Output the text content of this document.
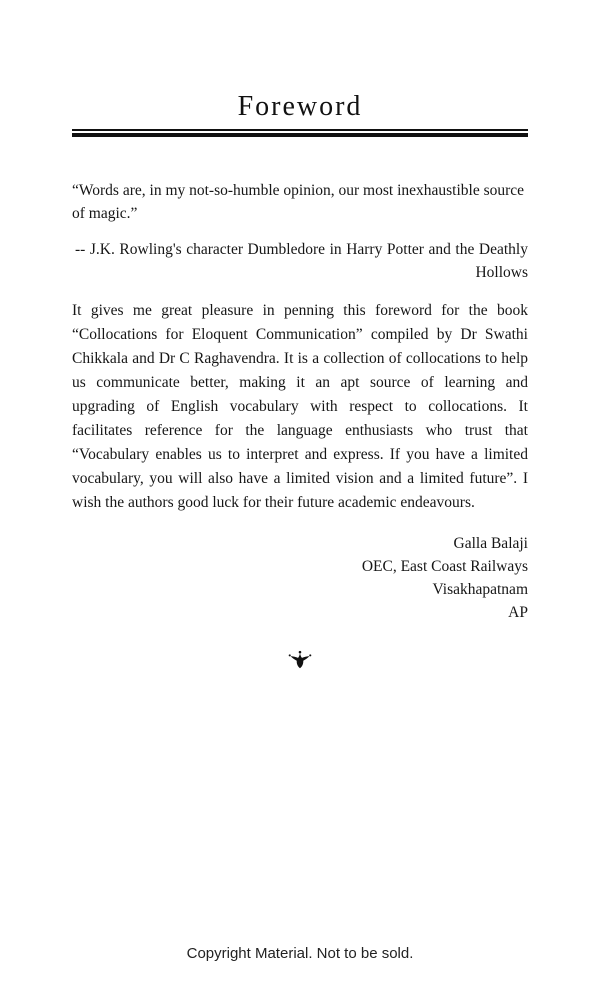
Foreword

“Words are, in my not-so-humble opinion, our most inexhaustible source of magic.”

-- J.K. Rowling's character Dumbledore in Harry Potter and the Deathly Hollows

It gives me great pleasure in penning this foreword for the book “Collocations for Eloquent Communication” compiled by Dr Swathi Chikkala and Dr C Raghavendra. It is a collection of collocations to help us communicate better, making it an apt source of learning and upgrading of English vocabulary with respect to collocations. It facilitates reference for the language enthusiasts who trust that “Vocabulary enables us to interpret and express. If you have a limited vocabulary, you will also have a limited vision and a limited future”. I wish the authors good luck for their future academic endeavours.

Galla Balaji
OEC, East Coast Railways
Visakhapatnam
AP
Copyright Material. Not to be sold.
